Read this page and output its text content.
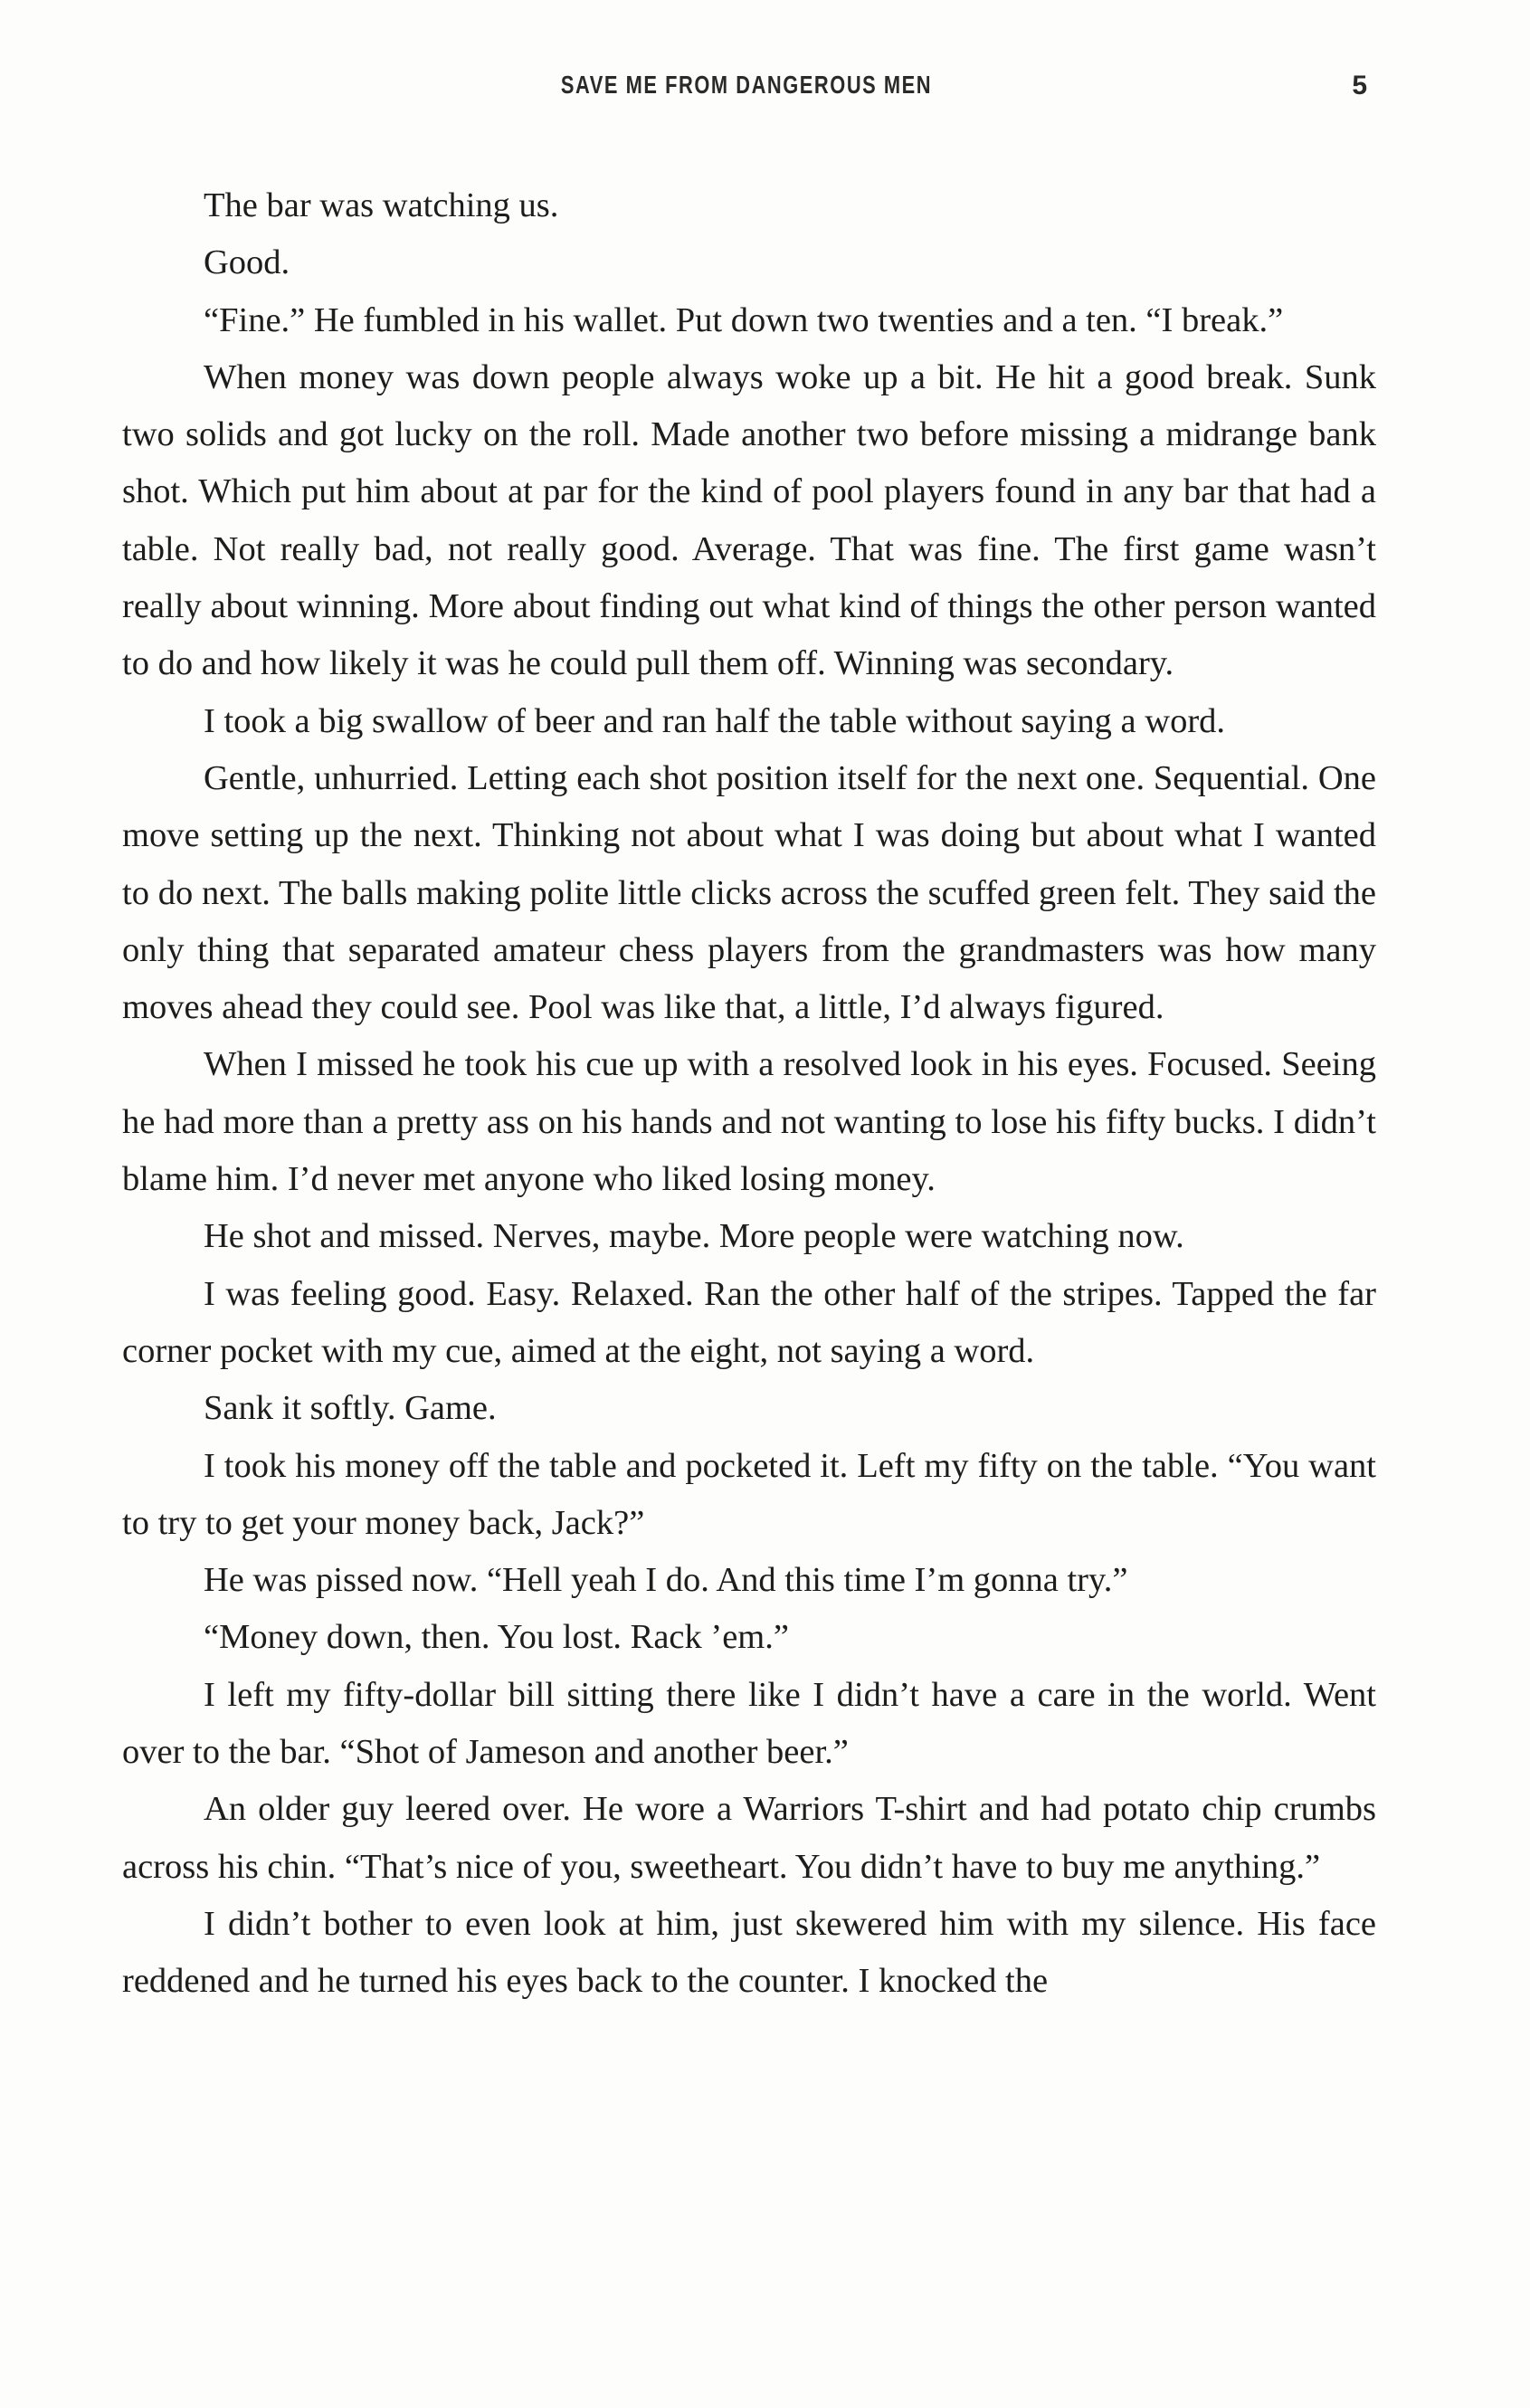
SAVE ME FROM DANGEROUS MEN	5

The bar was watching us.

Good.

“Fine.” He fumbled in his wallet. Put down two twenties and a ten. “I break.”

When money was down people always woke up a bit. He hit a good break. Sunk two solids and got lucky on the roll. Made another two before missing a midrange bank shot. Which put him about at par for the kind of pool players found in any bar that had a table. Not really bad, not really good. Average. That was fine. The first game wasn’t really about winning. More about finding out what kind of things the other person wanted to do and how likely it was he could pull them off. Winning was secondary.

I took a big swallow of beer and ran half the table without saying a word.

Gentle, unhurried. Letting each shot position itself for the next one. Sequential. One move setting up the next. Thinking not about what I was doing but about what I wanted to do next. The balls making polite little clicks across the scuffed green felt. They said the only thing that separated amateur chess players from the grandmasters was how many moves ahead they could see. Pool was like that, a little, I’d always figured.

When I missed he took his cue up with a resolved look in his eyes. Focused. Seeing he had more than a pretty ass on his hands and not wanting to lose his fifty bucks. I didn’t blame him. I’d never met anyone who liked losing money.

He shot and missed. Nerves, maybe. More people were watching now.

I was feeling good. Easy. Relaxed. Ran the other half of the stripes. Tapped the far corner pocket with my cue, aimed at the eight, not saying a word.

Sank it softly. Game.

I took his money off the table and pocketed it. Left my fifty on the table. “You want to try to get your money back, Jack?”

He was pissed now. “Hell yeah I do. And this time I’m gonna try.”

“Money down, then. You lost. Rack ’em.”

I left my fifty-dollar bill sitting there like I didn’t have a care in the world. Went over to the bar. “Shot of Jameson and another beer.”

An older guy leered over. He wore a Warriors T-shirt and had potato chip crumbs across his chin. “That’s nice of you, sweetheart. You didn’t have to buy me anything.”

I didn’t bother to even look at him, just skewered him with my silence. His face reddened and he turned his eyes back to the counter. I knocked the
